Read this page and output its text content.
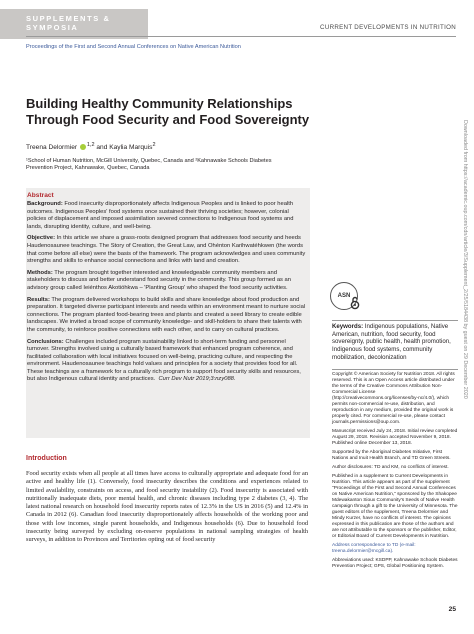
SUPPLEMENTS &
SYMPOSIA	CURRENT DEVELOPMENTS IN NUTRITION
Proceedings of the First and Second Annual Conferences on Native American Nutrition
Building Healthy Community Relationships Through Food Security and Food Sovereignty
Treena Delormier $^{1,2}$ and Kaylia Marquis$^2$
¹School of Human Nutrition, McGill University, Quebec, Canada and ²Kahnawake Schools Diabetes Prevention Project, Kahnawake, Quebec, Canada
Abstract

Background: Food insecurity disproportionately affects Indigenous Peoples and is linked to poor health outcomes. Indigenous Peoples' food systems once sustained their thriving societies; however, colonial policies of displacement and imposed assimilation severed connections to Indigenous food systems and lands, disrupting identity, culture, and well-being.

Objective: In this article we share a grass-roots designed program that addresses food security and heeds Haudenosaunee teachings. The Story of Creation, the Great Law, and Ohénton Karihwatéhkwen (the words that come before all else) were the basis of the framework. The program acknowledges and uses community strengths and skills to enhance social connections and links with land and creation.

Methods: The program brought together interested and knowledgeable community members and stakeholders to discuss and better understand food security in the community. This group formed as an advisory group called Ieiénthos Akotióhkwa – 'Planting Group' who shaped the food security activities.

Results: The program delivered workshops to build skills and share knowledge about food production and preparation. It targeted diverse participant interests and needs within an environment meant to nurture social connections. The program planted food-bearing trees and plants and created a seed library to create edible landscapes. We invited a broad scope of community knowledge- and skill-holders to share their talents with the community, to reinforce positive connections with each other, and to carry on cultural practices.

Conclusions: Challenges included program sustainability linked to short-term funding and personnel turnover. Strengths involved using a culturally based framework that enhanced program coherence, and facilitated collaboration with local initiatives focused on well-being, practicing culture, and respecting the environment. Haudenosaunee teachings hold values and principles for a society that provides food for all. These teachings are a framework for a culturally rich program to support food security skills and resources, but also Indigenous cultural identity and practices. Curr Dev Nutr 2019;3:nzy088.

Introduction

Food security exists when all people at all times have access to culturally appropriate and adequate food for an active and healthy life (1). Conversely, food insecurity describes the conditions and experiences related to limited availability, constraints on access, and food security instability (2). Food insecurity is associated with nutritionally inadequate diets, poor mental health, and chronic diseases including type 2 diabetes (3, 4). The latest national research on household food insecurity reports rates of 12.3% in the US in 2016 (5) and 12.4% in Canada in 2012 (6). Canadian food insecurity disproportionately affects households of the working poor and those with low incomes, single parent households, and Indigenous households (6). Due to household food insecurity being surveyed by excluding on-reserve populations in national sampling strategies of health surveys, in addition to Provinces and Territories opting out of food security

ASN

Keywords: Indigenous populations, Native American, nutrition, food security, food sovereignty, public health, health promotion, Indigenous food systems, community mobilization, decolonization

Copyright © American Society for Nutrition 2018. All rights reserved. This is an Open Access article distributed under the terms of the Creative Commons Attribution Non-Commercial License (http://creativecommons.org/licenses/by-nc/4.0/), which permits non-commercial re-use, distribution, and reproduction in any medium, provided the original work is properly cited. For commercial re-use, please contact journals.permissions@oup.com.

Manuscript received July 24, 2018. Initial review completed August 29, 2018. Revision accepted November 9, 2018. Published online December 13, 2018.

Supported by the Aboriginal Diabetes Initiative, First Nations and Inuit Health Branch, and TD Green Streets.

Author disclosures: TD and KM, no conflicts of interest.

Published in a supplement to Current Developments in Nutrition. This article appears as part of the supplement "Proceedings of the First and Second Annual Conferences on Native American Nutrition," sponsored by the Shakopee Mdewakanton Sioux Community's Seeds of Native Health campaign through a gift to the University of Minnesota. The guest editors of the supplement, Treena Delormier and Mindy Kurzer, have no conflicts of interest. The opinions expressed in this publication are those of the authors and are not attributable to the sponsors or the publisher, Editor, or Editorial Board of Current Developments in Nutrition.

Address correspondence to TD (e-mail: treena.delormier@mcgill.ca).

Abbreviations used: KSDPP, Kahnawake Schools Diabetes Prevention Project; GPS, Global Positioning System.

Downloaded from https://academic.oup.com/cdn/article/3/Supplement_2/25/5184438 by guest on 29 December 2020
25
